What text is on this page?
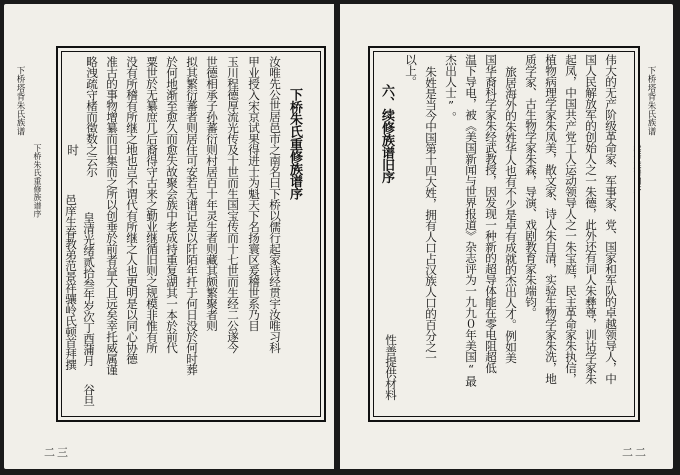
下桥塔背朱氏族谱
下桥朱氏重修族谱序
二三
下桥朱氏重修族谱序
汝唯先公世居邑市之南名曰下桥以儒行起家诗经贯宇汝唯习科
甲业授入宋京试果得进士为魁天下名扬寰区爰稽世系乃目
玉川程德厚流光传及十世而生国宝传而十七世而生经二公遂今
世德相承子孙蕃衍则村居百十年灵生者则藏其颇繁聚者则
拟其繁衍蕃者则居住可安若无谱记是以阡陌年扦于何日没於何时葬
於何地渐至愈久而愈失故聚会族中老成持重复湖其一本於前代
粟世於无纂庶几后裔得守古来之勤业继循旧则之规模非惟有所
没有所稽有所继之地也岂不谓代有所继之人也更明是以同心协德
准古的事物增纂而旧集而之所以创垂於前者益大且远矣幸托威属谨
略洩疏守楮而徵数之云尔
皇清光绪贰拾叁年岁次丁酉蒲月
谷旦
时
邑庠生眷教弟范景祥骧岭氏顿首拜撰
下桥塔背朱氏族谱
续修族谱旧序
二二
伟大的无产阶级革命家、军事家、党、国家和军队的卓越领导人，中
国人民解放军的创始人之一朱德，此外还有词人朱彝尊，训诂学家朱
起凤，中国共产党工人运动领导人之一朱宝庭，民主革命家朱执信，
植物病理学家朱凤美，散文家、诗人朱自清，实验生物学家朱洗，地
质学家、古生物学家朱森，导演、戏剧教育家朱端钧。
旅居海外的朱姓华人也有不少是卓有成就的杰出人才。例如美
国华裔科学家朱经武教授，因发现一种新的超导体能在零电阻超低
温下导电，被《美国新闻与世界报道》杂志评为一九九０年美国“最
杰出人士”。
朱姓是当今中国第十四大姓，拥有人口占汉族人口的百分之一
以上。
六、续修族谱旧序
性善提供材料
